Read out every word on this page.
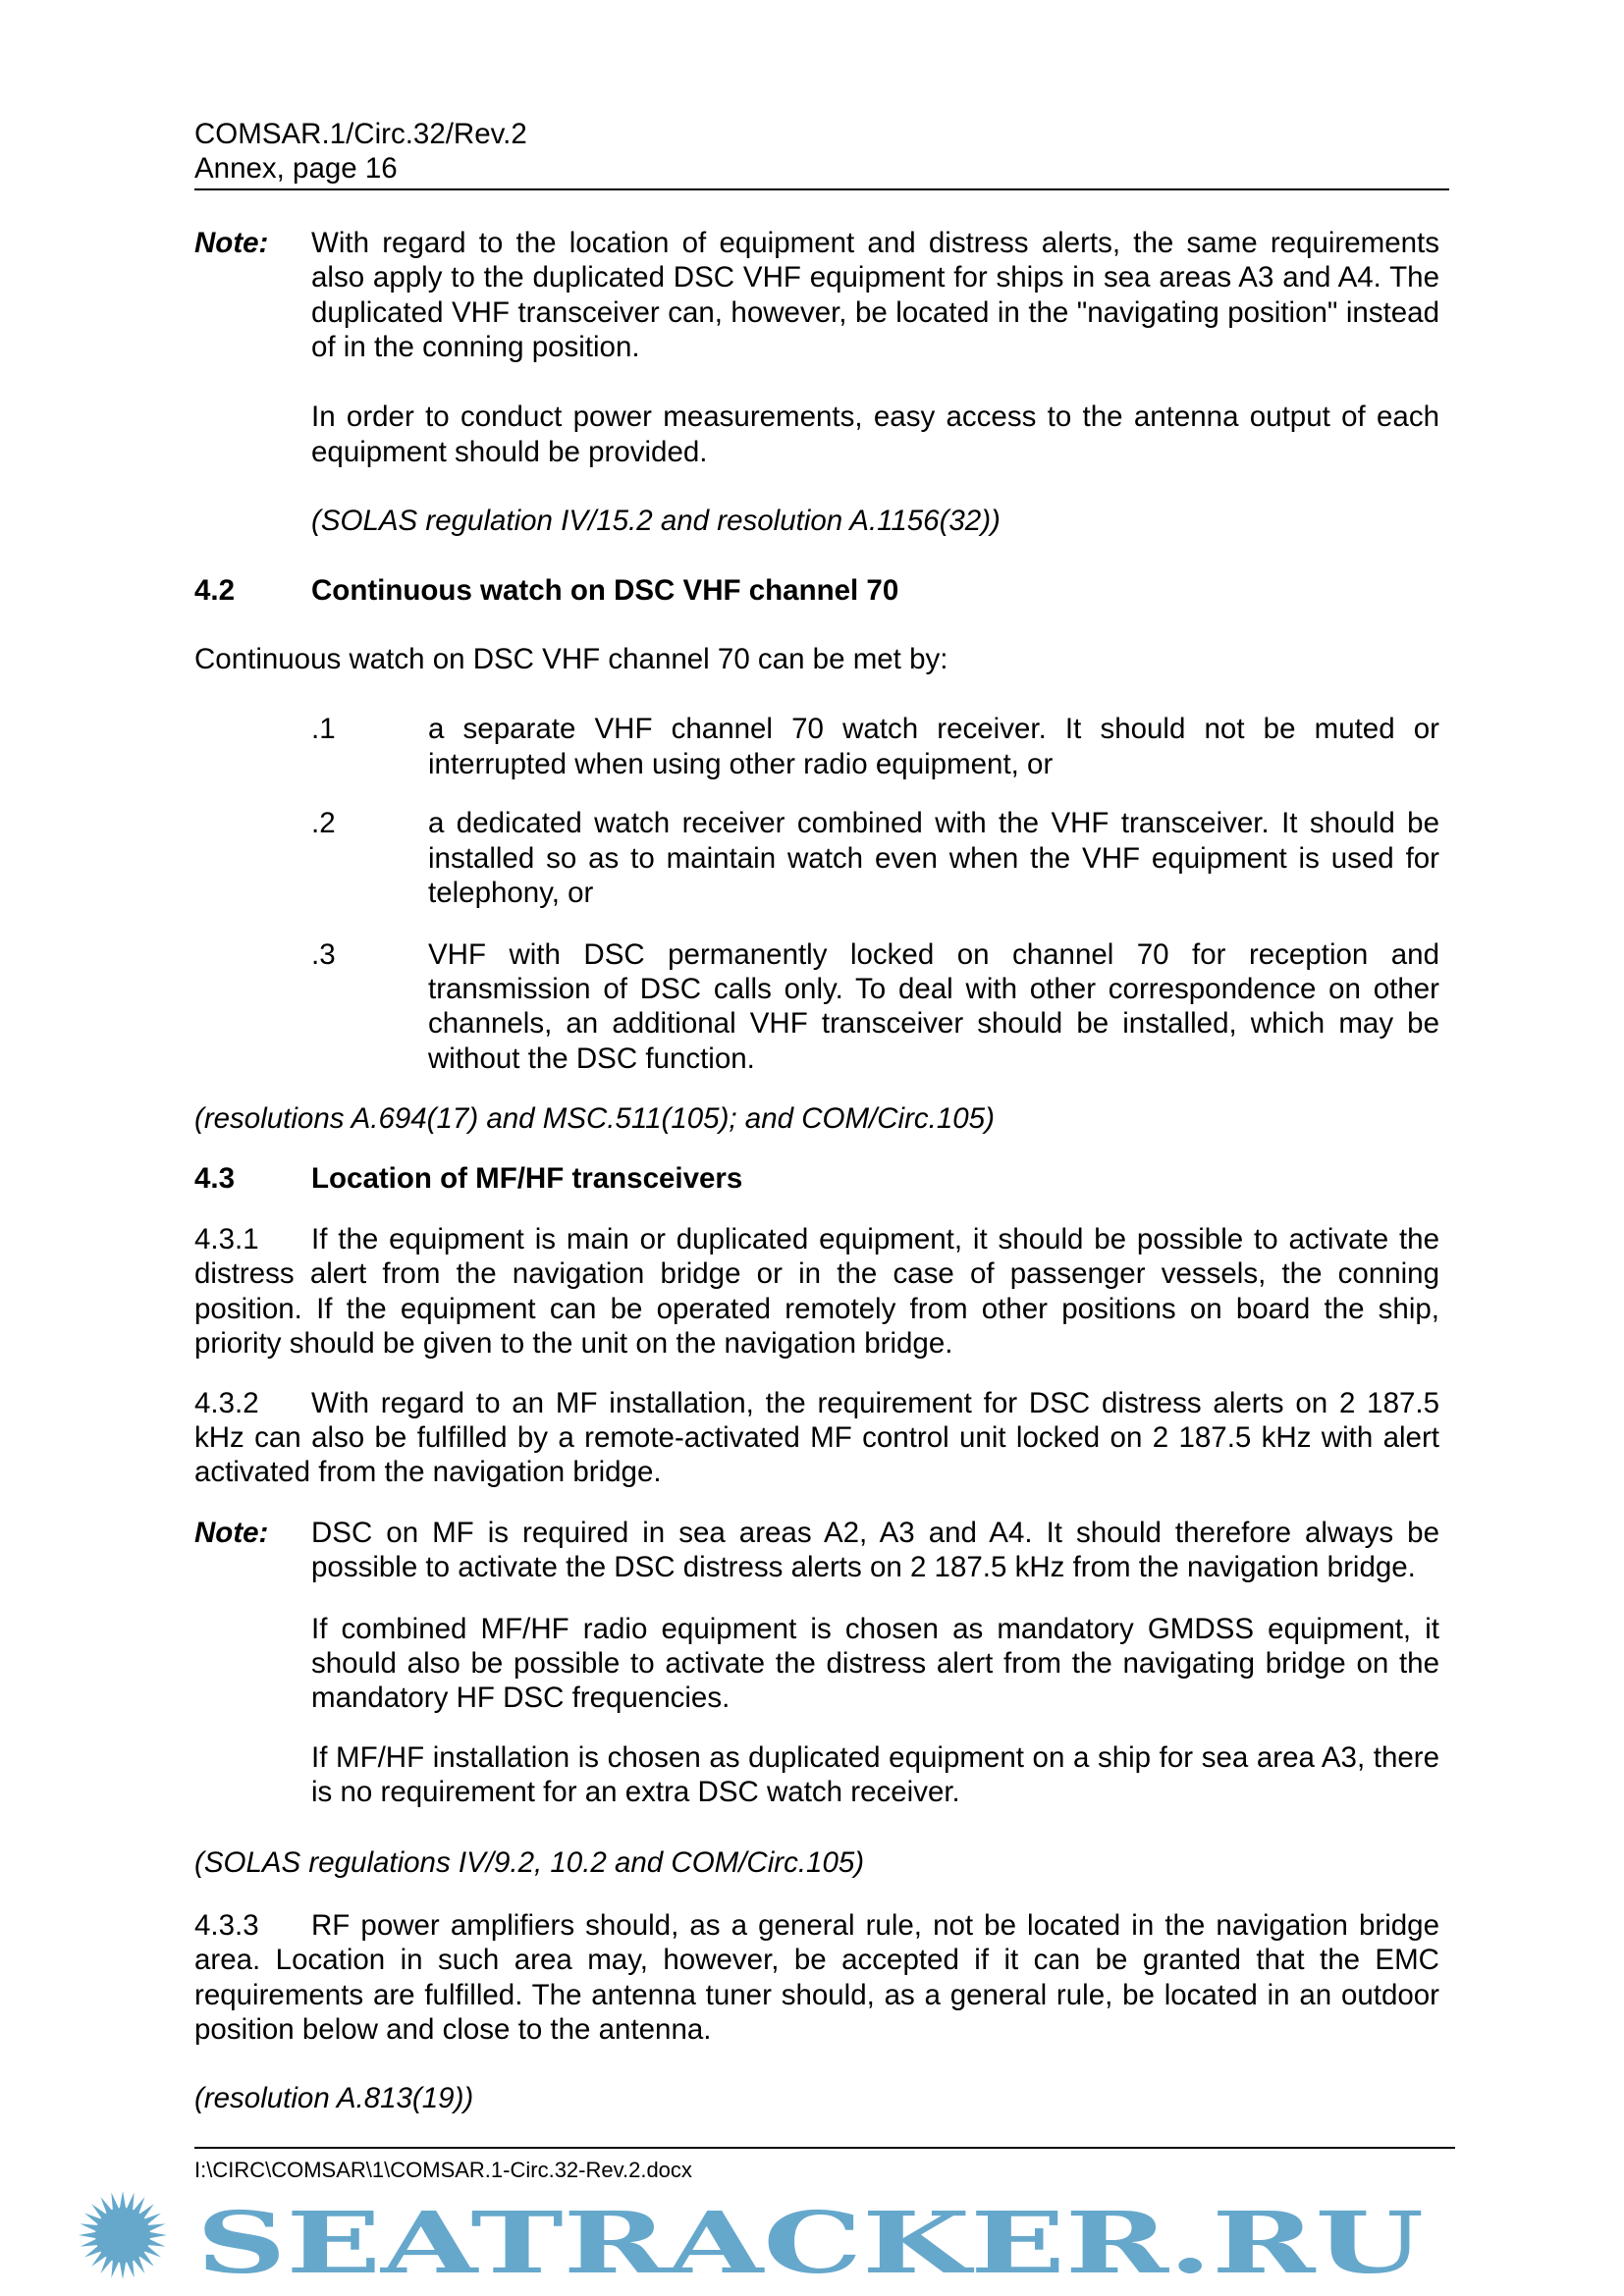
COMSAR.1/Circ.32/Rev.2
Annex, page 16
Note: With regard to the location of equipment and distress alerts, the same requirements also apply to the duplicated DSC VHF equipment for ships in sea areas A3 and A4. The duplicated VHF transceiver can, however, be located in the "navigating position" instead of in the conning position.
In order to conduct power measurements, easy access to the antenna output of each equipment should be provided.
(SOLAS regulation IV/15.2 and resolution A.1156(32))
4.2	Continuous watch on DSC VHF channel 70
Continuous watch on DSC VHF channel 70 can be met by:
.1	a separate VHF channel 70 watch receiver. It should not be muted or interrupted when using other radio equipment, or
.2	a dedicated watch receiver combined with the VHF transceiver. It should be installed so as to maintain watch even when the VHF equipment is used for telephony, or
.3	VHF with DSC permanently locked on channel 70 for reception and transmission of DSC calls only. To deal with other correspondence on other channels, an additional VHF transceiver should be installed, which may be without the DSC function.
(resolutions A.694(17) and MSC.511(105); and COM/Circ.105)
4.3	Location of MF/HF transceivers
4.3.1 If the equipment is main or duplicated equipment, it should be possible to activate the distress alert from the navigation bridge or in the case of passenger vessels, the conning position. If the equipment can be operated remotely from other positions on board the ship, priority should be given to the unit on the navigation bridge.
4.3.2 With regard to an MF installation, the requirement for DSC distress alerts on 2 187.5 kHz can also be fulfilled by a remote-activated MF control unit locked on 2 187.5 kHz with alert activated from the navigation bridge.
Note: DSC on MF is required in sea areas A2, A3 and A4. It should therefore always be possible to activate the DSC distress alerts on 2 187.5 kHz from the navigation bridge.
If combined MF/HF radio equipment is chosen as mandatory GMDSS equipment, it should also be possible to activate the distress alert from the navigating bridge on the mandatory HF DSC frequencies.
If MF/HF installation is chosen as duplicated equipment on a ship for sea area A3, there is no requirement for an extra DSC watch receiver.
(SOLAS regulations IV/9.2, 10.2 and COM/Circ.105)
4.3.3 RF power amplifiers should, as a general rule, not be located in the navigation bridge area. Location in such area may, however, be accepted if it can be granted that the EMC requirements are fulfilled. The antenna tuner should, as a general rule, be located in an outdoor position below and close to the antenna.
(resolution A.813(19))
I:\CIRC\COMSAR\1\COMSAR.1-Circ.32-Rev.2.docx
SEATRACKER.RU
